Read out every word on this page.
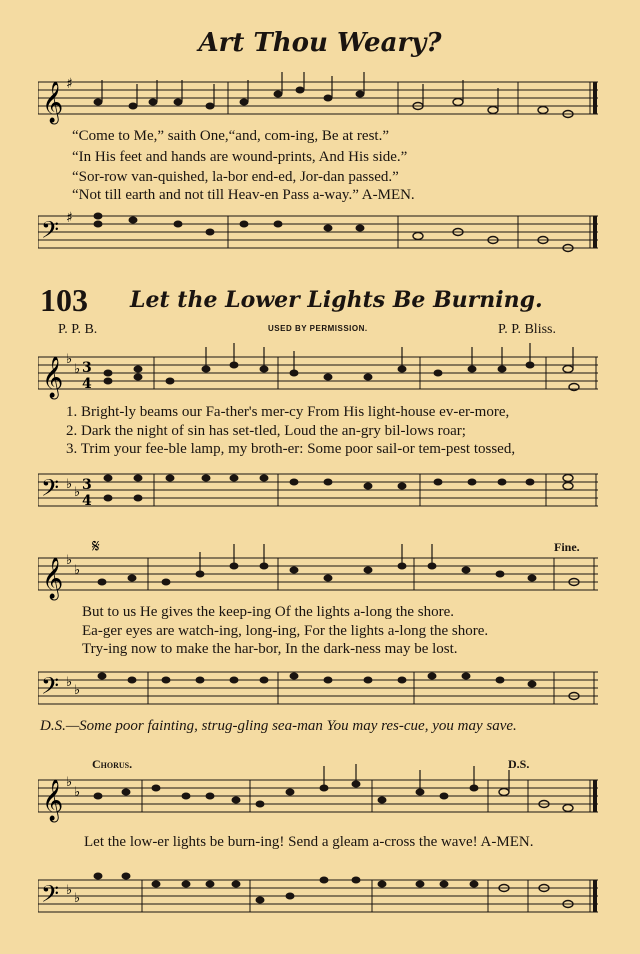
Art Thou Weary?
𝄞 ♯
“Come to Me,” saith One,“and, com-ing, Be at rest.”
“In His feet and hands are wound-prints, And His side.”
“Sor-row van-quished, la-bor end-ed, Jor-dan passed.”
“Not till earth and not till Heav-en Pass a-way.” A-MEN.
𝄢 ♯
103 Let the Lower Lights Be Burning.
P. P. B.	USED BY PERMISSION.	P. P. Bliss.
𝄞 ♭
♭ 3
4
1. Bright-ly beams our Fa-ther's mer-cy From His light-house ev-er-more,
2. Dark the night of sin has set-tled, Loud the an-gry bil-lows roar;
3. Trim your fee-ble lamp, my broth-er: Some poor sail-or tem-pest tossed,
𝄢 ♭
♭ 3
4
𝄞 ♭
♭
𝄋	Fine.
But to us He gives the keep-ing Of the lights a-long the shore.
Ea-ger eyes are watch-ing, long-ing, For the lights a-long the shore.
Try-ing now to make the har-bor, In the dark-ness may be lost.
𝄢 ♭
♭
D.S.—Some poor fainting, strug-gling sea-man You may res-cue, you may save.
Chorus.	D.S.
𝄞 ♭
♭
Let the low-er lights be burn-ing! Send a gleam a-cross the wave! A-MEN.
𝄢 ♭
♭
